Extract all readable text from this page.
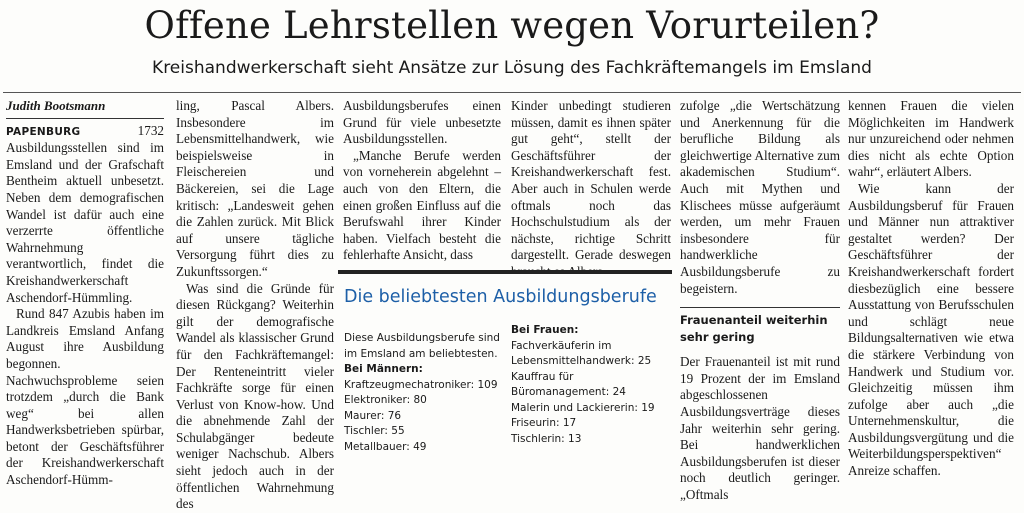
Offene Lehrstellen wegen Vorurteilen?
Kreishandwerkerschaft sieht Ansätze zur Lösung des Fachkräftemangels im Emsland

Judith Bootsmann

PAPENBURG	1732 Ausbildungsstellen sind im Emsland und der Grafschaft Bentheim aktuell unbesetzt. Neben dem demografischen Wandel ist dafür auch eine verzerrte öffentliche Wahrnehmung verantwortlich, findet die Kreishandwerkerschaft Aschendorf-Hümmling.

Rund 847 Azubis haben im Landkreis Emsland Anfang August ihre Ausbildung begonnen. Nachwuchsprobleme seien trotzdem „durch die Bank weg“ bei allen Handwerksbetrieben spürbar, betont der Geschäftsführer der Kreishandwerkerschaft Aschendorf-Hümm-

ling, Pascal Albers. Insbesondere im Lebensmittelhandwerk, wie beispielsweise in Fleischereien und Bäckereien, sei die Lage kritisch: „Landesweit gehen die Zahlen zurück. Mit Blick auf unsere tägliche Versorgung führt dies zu Zukunftssorgen.“

Was sind die Gründe für diesen Rückgang? Weiterhin gilt der demografische Wandel als klassischer Grund für den Fachkräftemangel: Der Renteneintritt vieler Fachkräfte sorge für einen Verlust von Know-how. Und die abnehmende Zahl der Schulabgänger bedeute weniger Nachschub. Albers sieht jedoch auch in der öffentlichen Wahrnehmung des

Ausbildungsberufes einen Grund für viele unbesetzte Ausbildungsstellen.

„Manche Berufe werden von vorneherein abgelehnt – auch von den Eltern, die einen großen Einfluss auf die Berufswahl ihrer Kinder haben. Vielfach besteht die fehlerhafte Ansicht, dass

Kinder unbedingt studieren müssen, damit es ihnen später gut geht“, stellt der Geschäftsführer der Kreishandwerkerschaft fest. Aber auch in Schulen werde oftmals noch das Hochschulstudium als der nächste, richtige Schritt dargestellt. Gerade deswegen

zufolge „die Wertschätzung und Anerkennung für die berufliche Bildung als gleichwertige Alternative zum akademischen Studium“. Auch mit Mythen und Klischees müsse aufgeräumt werden, um mehr Frauen insbesondere für handwerkliche Ausbildungsberufe zu begeistern.

Frauenanteil weiterhin sehr gering

Der Frauenanteil ist mit rund 19 Prozent der im Emsland abgeschlossenen Ausbildungsverträge dieses Jahr weiterhin sehr gering. Bei handwerklichen Ausbildungsberufen ist dieser noch deutlich geringer. „Oftmals

kennen Frauen die vielen Möglichkeiten im Handwerk nur unzureichend oder nehmen dies nicht als echte Option wahr“, erläutert Albers.

Wie kann der Ausbildungsberuf für Frauen und Männer nun attraktiver gestaltet werden? Der Geschäftsführer der Kreishandwerkerschaft fordert diesbezüglich eine bessere Ausstattung von Berufsschulen und schlägt neue Bildungsalternativen wie etwa die stärkere Verbindung von Handwerk und Studium vor. Gleichzeitig müssen ihm zufolge aber auch „die Unternehmenskultur, die Ausbildungsvergütung und die Weiterbildungsperspektiven“ Anreize schaffen.

Die beliebtesten Ausbildungsberufe
Diese Ausbildungsberufe sind im Emsland am beliebtesten.
Bei Männern:
Kraftzeugmechatroniker: 109
Elektroniker: 80
Maurer: 76
Tischler: 55
Metallbauer: 49
Bei Frauen:
Fachverkäuferin im Lebensmittelhandwerk: 25
Kauffrau für Büromanagement: 24
Malerin und Lackiererin: 19
Friseurin: 17
Tischlerin: 13
